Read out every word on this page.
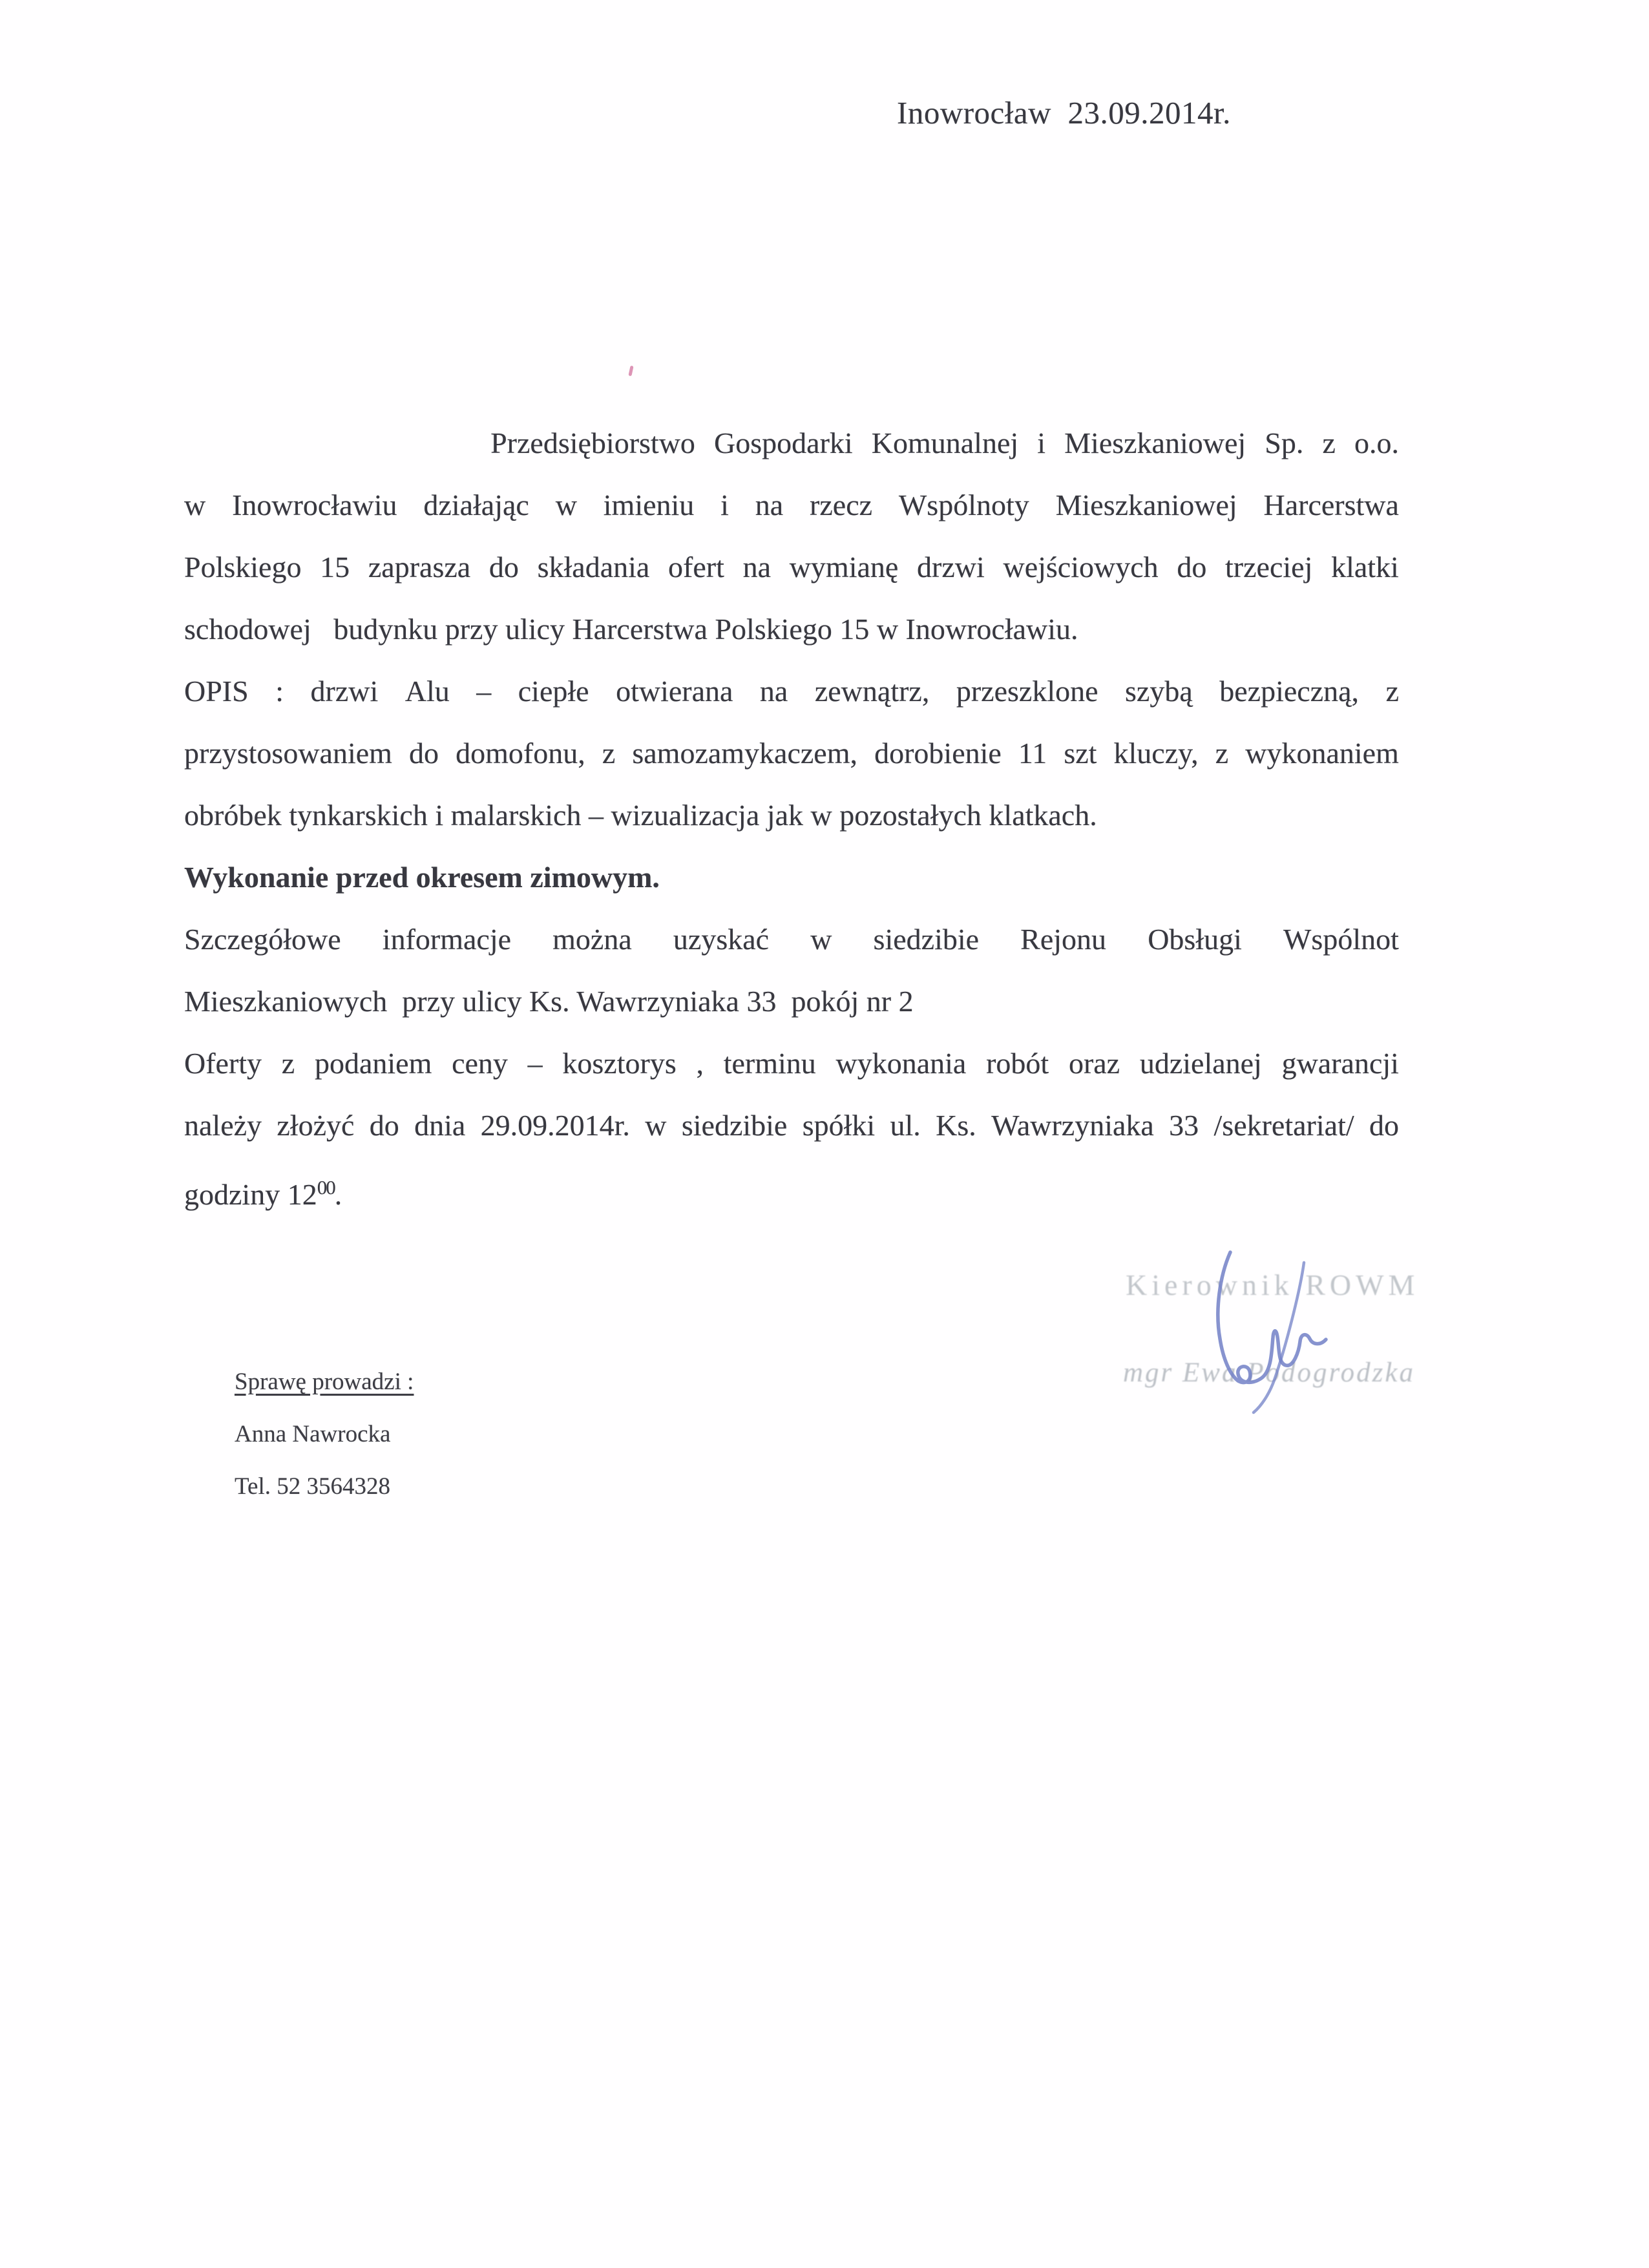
Inowrocław  23.09.2014r.
Przedsiębiorstwo Gospodarki Komunalnej i Mieszkaniowej Sp. z o.o.
w Inowrocławiu działając w imieniu i na rzecz Wspólnoty Mieszkaniowej Harcerstwa
Polskiego 15 zaprasza do składania ofert na wymianę drzwi wejściowych do trzeciej klatki
schodowej   budynku przy ulicy Harcerstwa Polskiego 15 w Inowrocławiu.
OPIS : drzwi Alu – ciepłe otwierana na zewnątrz, przeszklone szybą bezpieczną, z
przystosowaniem do domofonu, z samozamykaczem, dorobienie 11 szt kluczy, z wykonaniem
obróbek tynkarskich i malarskich – wizualizacja jak w pozostałych klatkach.
Wykonanie przed okresem zimowym.
Szczegółowe informacje można uzyskać w siedzibie Rejonu Obsługi Wspólnot
Mieszkaniowych  przy ulicy Ks. Wawrzyniaka 33  pokój nr 2
Oferty z podaniem ceny – kosztorys , terminu wykonania robót oraz udzielanej gwarancji
należy złożyć do dnia 29.09.2014r. w siedzibie spółki ul. Ks. Wawrzyniaka 33 /sekretariat/ do
godziny $12^{00}$.
Kierownik ROWM
mgr Ewa Podogrodzka
Sprawę prowadzi :
Anna Nawrocka
Tel. 52 3564328
